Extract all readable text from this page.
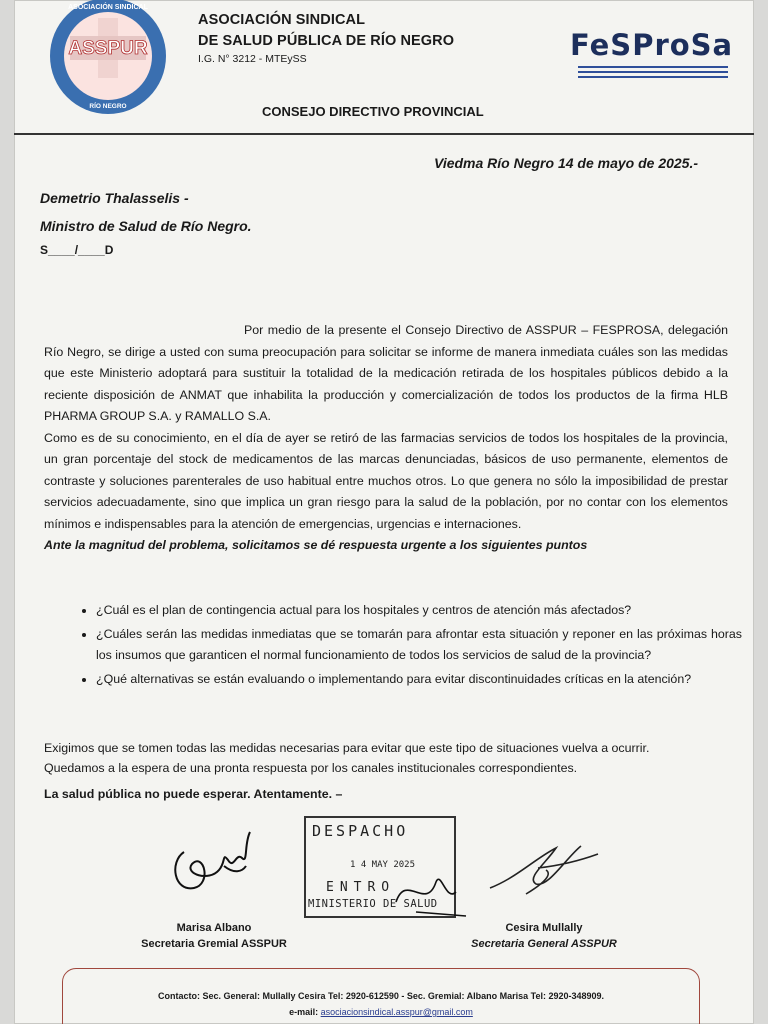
ASSPUR
ASOCIACIÓN SINDICAL
RÍO NEGRO
ASOCIACIÓN SINDICAL
DE SALUD PÚBLICA DE RÍO NEGRO
I.G. N° 3212 - MTEySS	FeSProSa
CONSEJO DIRECTIVO PROVINCIAL
Viedma Río Negro 14 de mayo de 2025.-
Demetrio Thalasselis -
Ministro de Salud de Río Negro.
S____/____D

Por medio de la presente el Consejo Directivo de ASSPUR – FESPROSA, delegación Río Negro, se dirige a usted con suma preocupación para solicitar se informe de manera inmediata cuáles son las medidas que este Ministerio adoptará para sustituir la totalidad de la medicación retirada de los hospitales públicos debido a la reciente disposición de ANMAT que inhabilita la producción y comercialización de todos los productos de la firma HLB PHARMA GROUP S.A. y RAMALLO S.A.

Como es de su conocimiento, en el día de ayer se retiró de las farmacias servicios de todos los hospitales de la provincia, un gran porcentaje del stock de medicamentos de las marcas denunciadas, básicos de uso permanente, elementos de contraste y soluciones parenterales de uso habitual entre muchos otros. Lo que genera no sólo la imposibilidad de prestar servicios adecuadamente, sino que implica un gran riesgo para la salud de la población, por no contar con los elementos mínimos e indispensables para la atención de emergencias, urgencias e internaciones.

Ante la magnitud del problema, solicitamos se dé respuesta urgente a los siguientes puntos

• ¿Cuál es el plan de contingencia actual para los hospitales y centros de atención más afectados?
• ¿Cuáles serán las medidas inmediatas que se tomarán para afrontar esta situación y reponer en las próximas horas los insumos que garanticen el normal funcionamiento de todos los servicios de salud de la provincia?
• ¿Qué alternativas se están evaluando o implementando para evitar discontinuidades críticas en la atención?
Exigimos que se tomen todas las medidas necesarias para evitar que este tipo de situaciones vuelva a ocurrir.
Quedamos a la espera de una pronta respuesta por los canales institucionales correspondientes.
La salud pública no puede esperar. Atentamente. –
DESPACHO
1 4 MAY 2025
ENTRO
MINISTERIO DE SALUD
Marisa Albano
Secretaria Gremial ASSPUR
Cesira Mullally
Secretaria General ASSPUR
Contacto: Sec. General: Mullally Cesira Tel: 2920-612590 - Sec. Gremial: Albano Marisa Tel: 2920-348909.
e-mail: asociacionsindical.asspur@gmail.com
